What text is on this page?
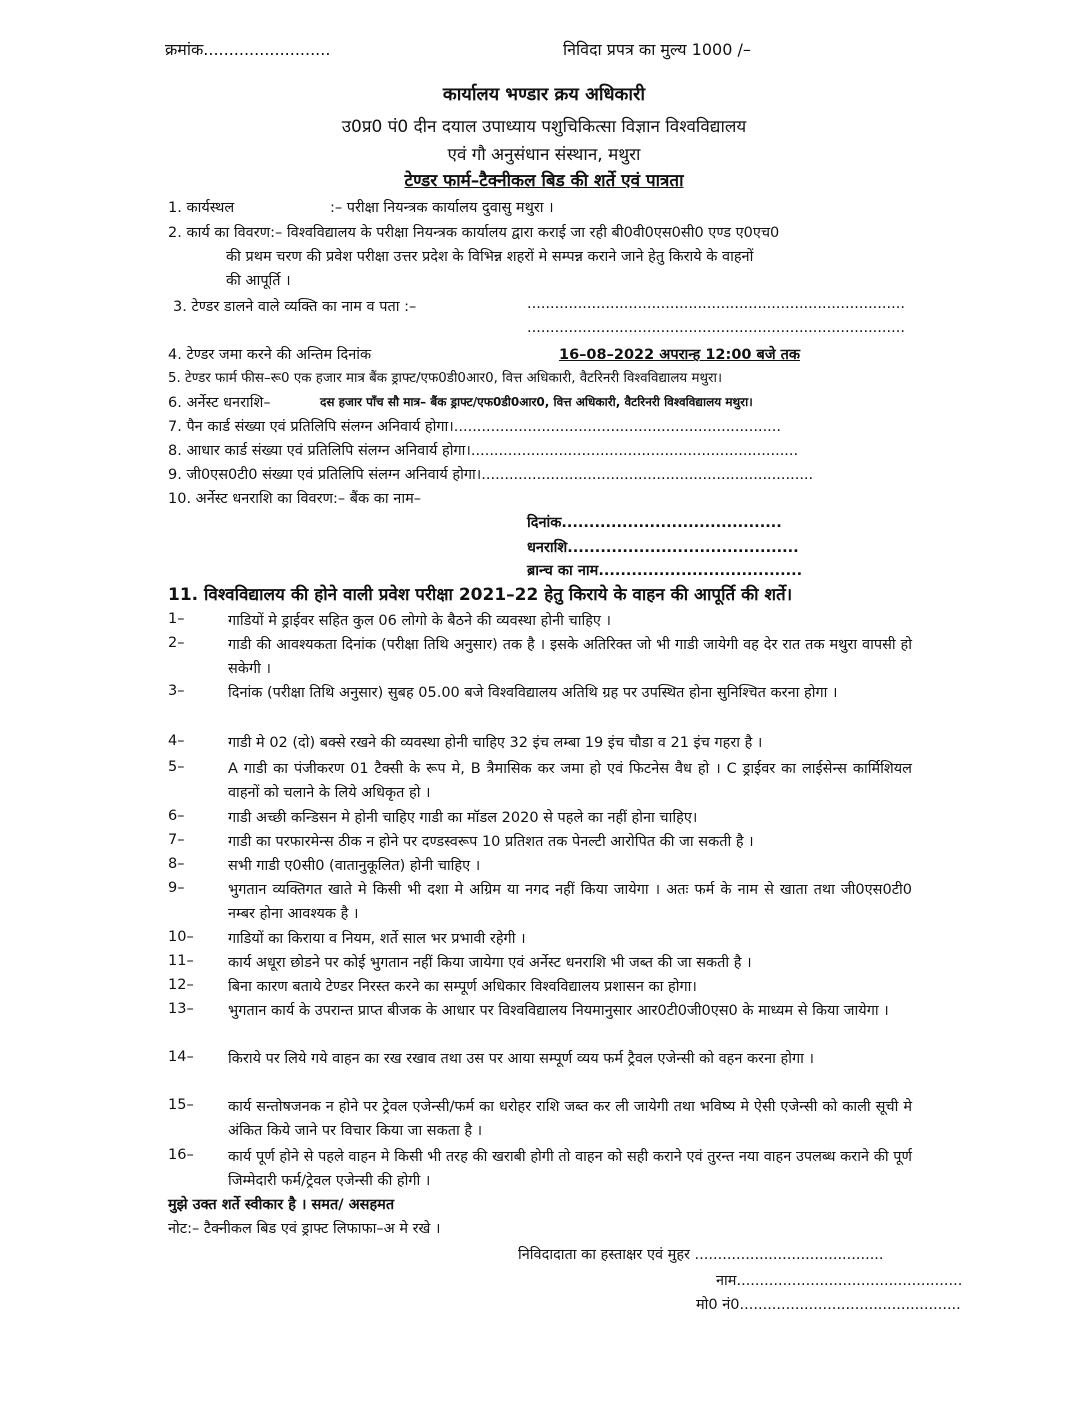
क्रमांक.........................	निविदा प्रपत्र का मुल्य 1000 /–
कार्यालय भण्डार क्रय अधिकारी
उ0प्र0 पं0 दीन दयाल उपाध्याय पशुचिकित्सा विज्ञान विश्वविद्यालय
एवं गौ अनुसंधान संस्थान, मथुरा
टेण्डर फार्म–टैक्नीकल बिड की शर्ते एवं पात्रता
1. कार्यस्थल	:– परीक्षा नियन्त्रक कार्यालय दुवासु मथुरा ।
2. कार्य का विवरण:– विश्वविद्यालय के परीक्षा नियन्त्रक कार्यालय द्वारा कराई जा रही बी0वी0एस0सी0 एण्ड ए0एच0
की प्रथम चरण की प्रवेश परीक्षा उत्तर प्रदेश के विभिन्न शहरों मे सम्पन्न कराने जाने हेतु किराये के वाहनों
की आपूर्ति ।
3. टेण्डर डालने वाले व्यक्ति का नाम व पता :–	..................................................................................
..................................................................................
4. टेण्डर जमा करने की अन्तिम दिनांक	16–08–2022 अपरान्ह 12:00 बजे तक
5. टेण्डर फार्म फीस–रू0 एक हजार मात्र बैंक ड्राफ्ट/एफ0डी0आर0, वित्त अधिकारी, वैटरिनरी विश्वविद्यालय मथुरा।
6. अर्नेस्ट धनराशि–	दस हजार पाँच सौ मात्र– बैंक ड्राफ्ट/एफ0डी0आर0, वित्त अधिकारी, वैटरिनरी विश्वविद्यालय मथुरा।
7. पैन कार्ड संख्या एवं प्रतिलिपि संलग्न अनिवार्य होगा।.......................................................................
8. आधार कार्ड संख्या एवं प्रतिलिपि संलग्न अनिवार्य होगा।.......................................................................
9. जी0एस0टी0 संख्या एवं प्रतिलिपि संलग्न अनिवार्य होगा।........................................................................
10. अर्नेस्ट धनराशि का विवरण:– बैंक का नाम–
दिनांक........................................
धनराशि..........................................
ब्रान्च का नाम.....................................
11. विश्वविद्यालय की होने वाली प्रवेश परीक्षा 2021–22 हेतु किराये के वाहन की आपूर्ति की शर्ते।
1–	गाडियों मे ड्राईवर सहित कुल 06 लोगो के बैठने की व्यवस्था होनी चाहिए ।
2–	गाडी की आवश्यकता दिनांक (परीक्षा तिथि अनुसार) तक है । इसके अतिरिक्त जो भी गाडी जायेगी वह देर रात तक मथुरा वापसी हो सकेगी ।
3–	दिनांक (परीक्षा तिथि अनुसार) सुबह 05.00 बजे विश्वविद्यालय अतिथि ग्रह पर उपस्थित होना सुनिश्चित करना होगा ।
4–	गाडी मे 02 (दो) बक्से रखने की व्यवस्था होनी चाहिए 32 इंच लम्बा 19 इंच चौडा व 21 इंच गहरा है ।
5–	A गाडी का पंजीकरण 01 टैक्सी के रूप मे, B त्रैमासिक कर जमा हो एवं फिटनेस वैध हो । C ड्राईवर का लाईसेन्स कार्मिशियल वाहनों को चलाने के लिये अधिकृत हो ।
6–	गाडी अच्छी कन्डिसन मे होनी चाहिए गाडी का मॉडल 2020 से पहले का नहीं होना चाहिए।
7–	गाडी का परफारमेन्स ठीक न होने पर दण्डस्वरूप 10 प्रतिशत तक पेनल्टी आरोपित की जा सकती है ।
8–	सभी गाडी ए0सी0 (वातानुकूलित) होनी चाहिए ।
9–	भुगतान व्यक्तिगत खाते मे किसी भी दशा मे अग्रिम या नगद नहीं किया जायेगा । अतः फर्म के नाम से खाता तथा जी0एस0टी0 नम्बर होना आवश्यक है ।
10– गाडियों का किराया व नियम, शर्ते साल भर प्रभावी रहेगी ।
11– कार्य अधूरा छोडने पर कोई भुगतान नहीं किया जायेगा एवं अर्नेस्ट धनराशि भी जब्त की जा सकती है ।
12– बिना कारण बताये टेण्डर निरस्त करने का सम्पूर्ण अधिकार विश्वविद्यालय प्रशासन का होगा।
13– भुगतान कार्य के उपरान्त प्राप्त बीजक के आधार पर विश्वविद्यालय नियमानुसार आर0टी0जी0एस0 के माध्यम से किया जायेगा ।
14– किराये पर लिये गये वाहन का रख रखाव तथा उस पर आया सम्पूर्ण व्यय फर्म ट्रैवल एजेन्सी को वहन करना होगा ।
15– कार्य सन्तोषजनक न होने पर ट्रेवल एजेन्सी/फर्म का धरोहर राशि जब्त कर ली जायेगी तथा भविष्य मे ऐसी एजेन्सी को काली सूची मे अंकित किये जाने पर विचार किया जा सकता है ।
16– कार्य पूर्ण होने से पहले वाहन मे किसी भी तरह की खराबी होगी तो वाहन को सही कराने एवं तुरन्त नया वाहन उपलब्ध कराने की पूर्ण जिम्मेदारी फर्म/ट्रेवल एजेन्सी की होगी ।
मुझे उक्त शर्ते स्वीकार है । समत/ असहमत
नोट:– टैक्नीकल बिड एवं ड्राफ्ट लिफाफा–अ मे रखे ।
निविदादाता का हस्ताक्षर एवं मुहर .........................................
नाम.................................................
मो0 नं0................................................
